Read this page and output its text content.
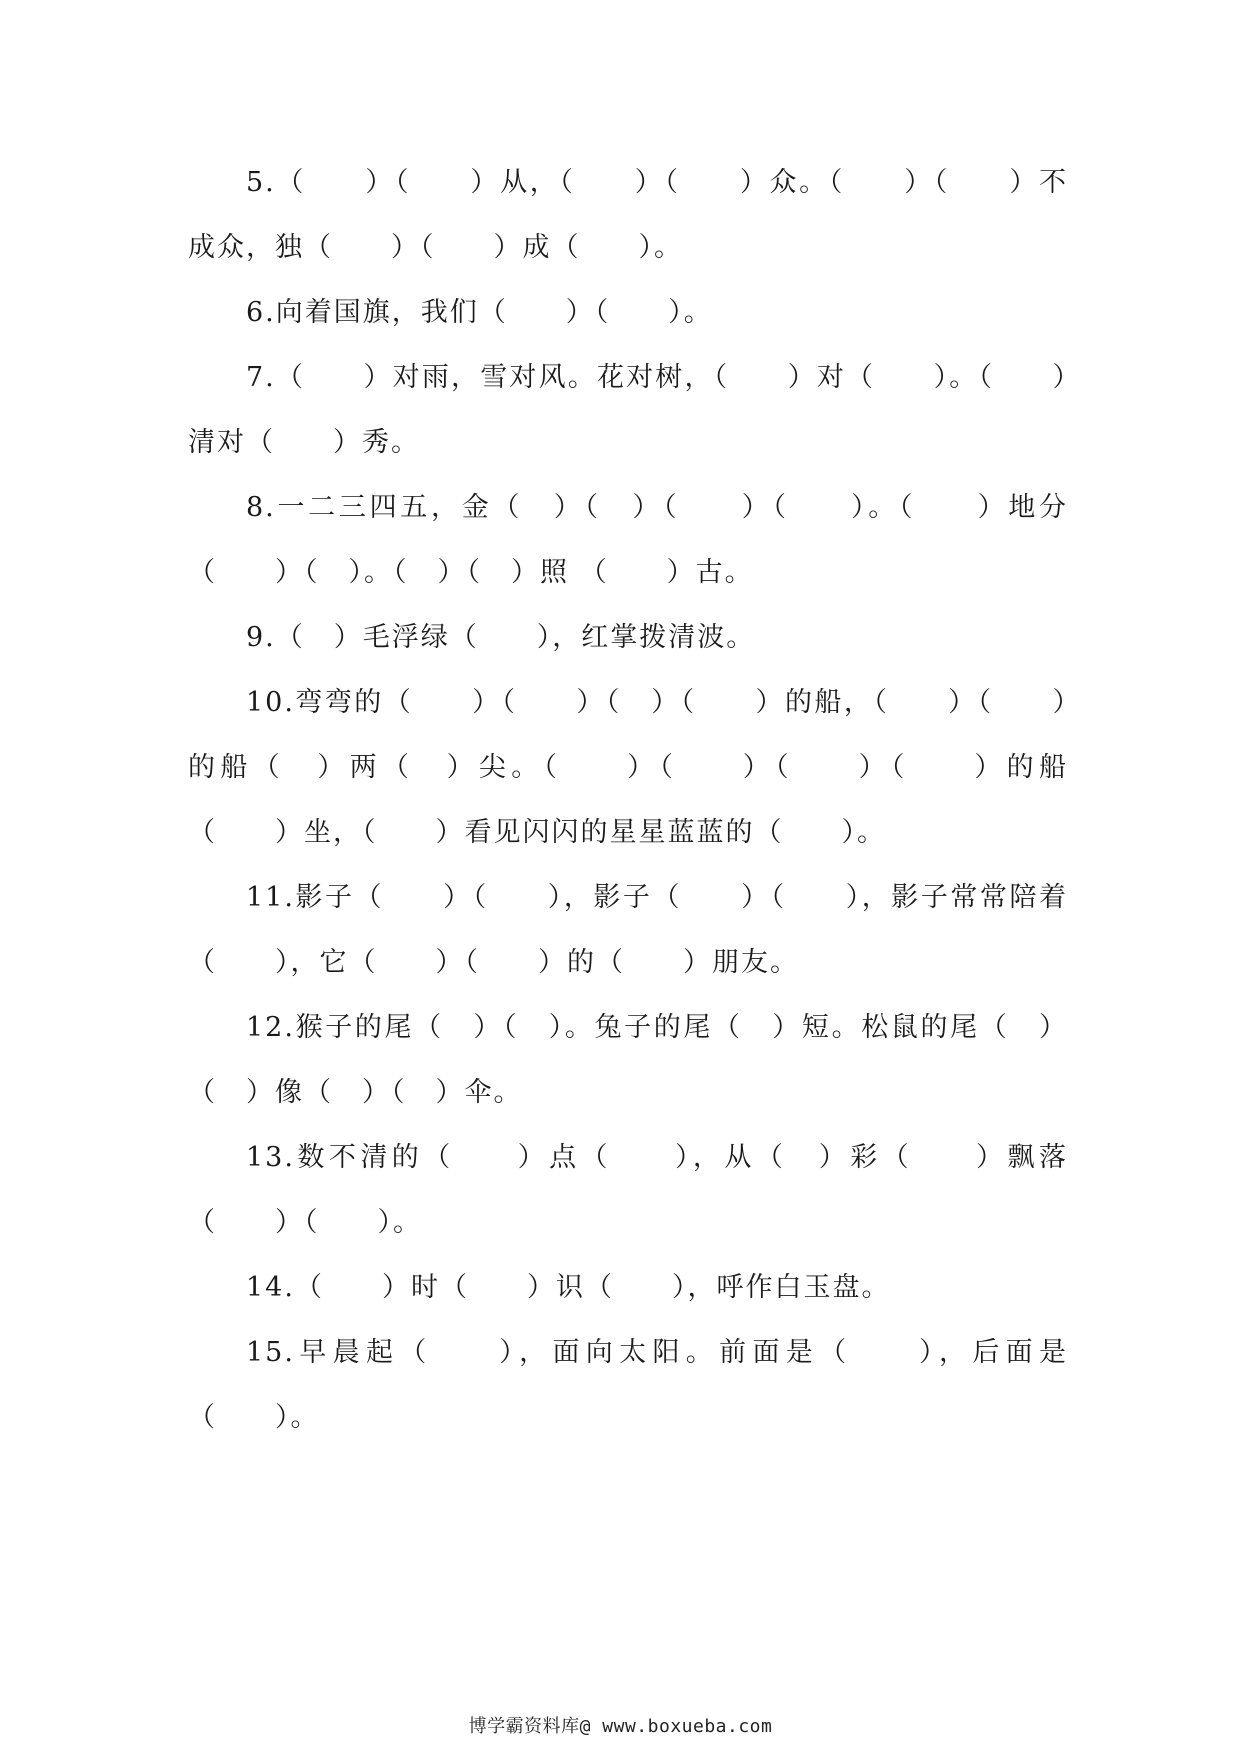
5.（　　）（　　）从，（　　）（　　）众。（　　）（　　）不成众，独（　　）（　　）成（　　）。

6.向着国旗，我们（　　）（　　）。

7.（　　）对雨，雪对风。花对树，（　　）对（　　）。（　　）清对（　　）秀。

8.一二三四五，金（　）（　）（　　）（　　）。（　　）地分（　　）（　）。（　）（　）照 （　　）古。

9.（　）毛浮绿（　　），红掌拨清波。

10.弯弯的（　　）（　　）（　）（　　）的船，（　　）（　　）的船（　）两（　）尖。（　　）（　　）（　　）（　　）的船（　　）坐，（　　）看见闪闪的星星蓝蓝的（　　）。

11.影子（　　）（　　），影子（　　）（　　），影子常常陪着（　　），它（　　）（　　）的（　　）朋友。

12.猴子的尾（　）（　）。兔子的尾（　）短。松鼠的尾（　）（　）像（　）（　）伞。

13.数不清的（　　）点（　　），从（　）彩（　　）飘落（　　）（　　）。

14.（　　）时（　　）识（　　），呼作白玉盘。

15.早晨起（　　），面向太阳。前面是（　　），后面是（　　）。

博学霸资料库@ www.boxueba.com
